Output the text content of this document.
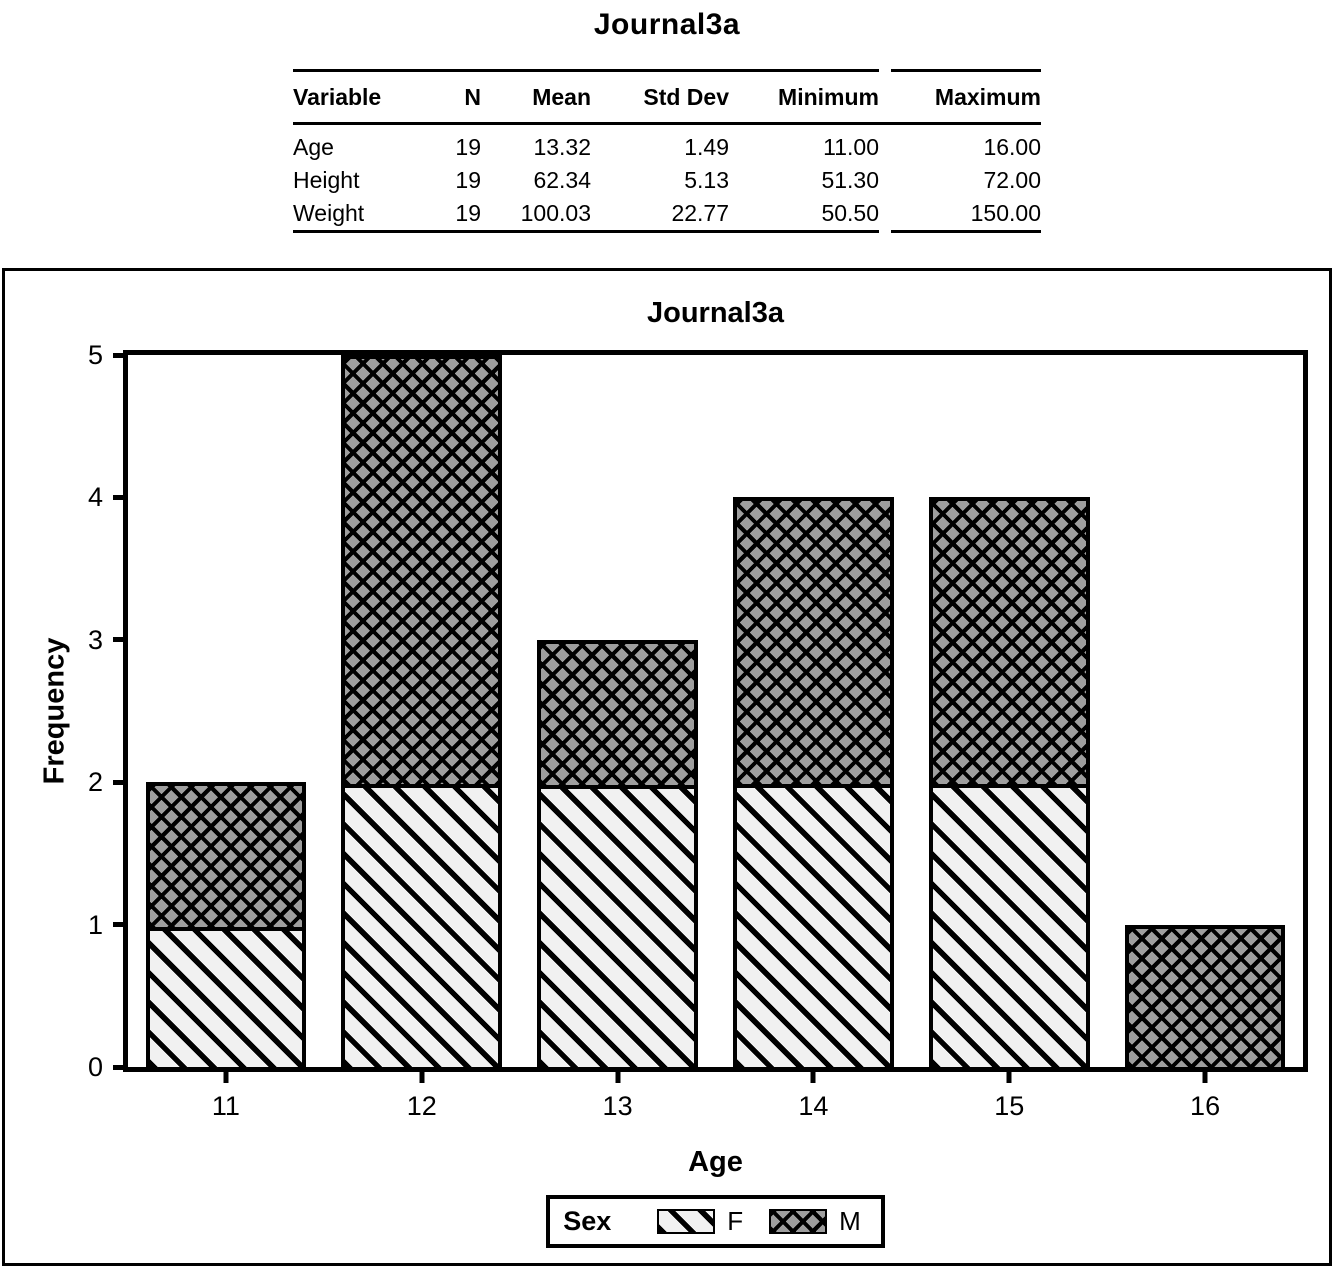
Journal3a
Variable	N	Mean	Std Dev	Minimum		Maximum
Age	19	13.32	1.49	11.00		16.00
Height	19	62.34	5.13	51.30		72.00
Weight	19	100.03	22.77	50.50		150.00
Journal3a
Frequency
0
1
2
3
4
5
11	12	13	14	15	16
Age
Sex	F	M
